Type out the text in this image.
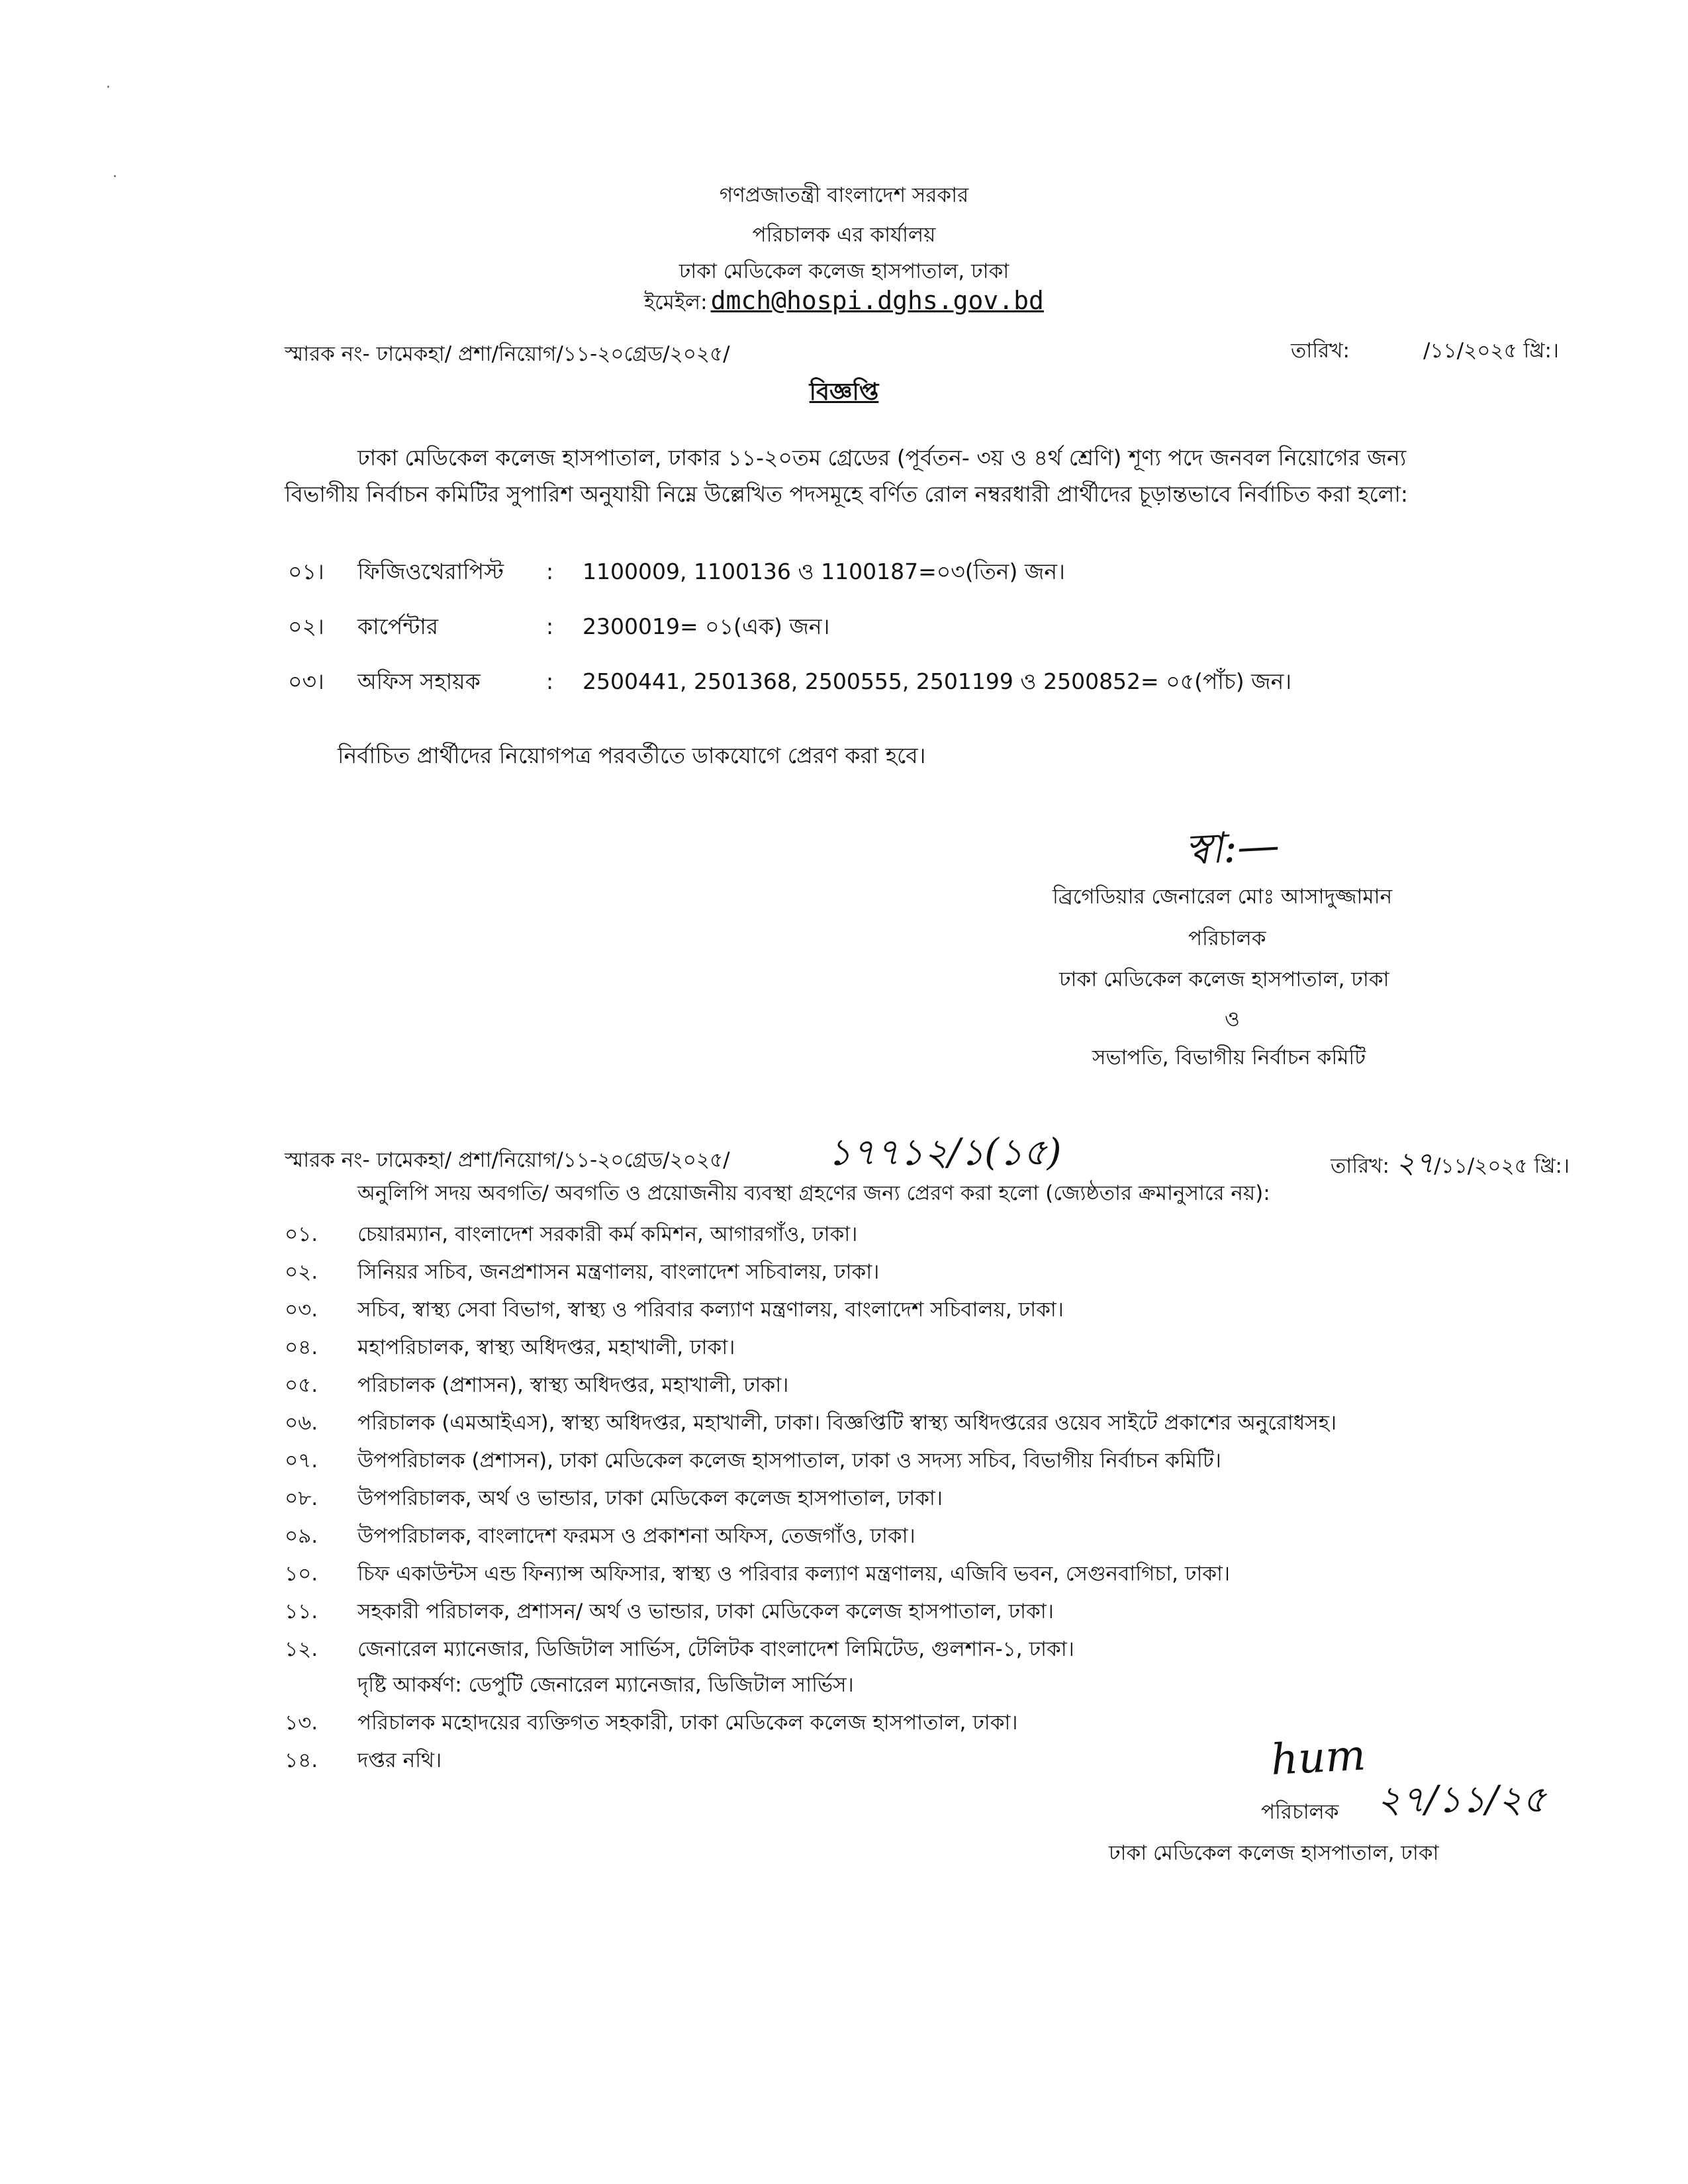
·
·
গণপ্রজাতন্ত্রী বাংলাদেশ সরকার
পরিচালক এর কার্যালয়
ঢাকা মেডিকেল কলেজ হাসপাতাল, ঢাকা
ইমেইল: dmch@hospi.dghs.gov.bd
স্মারক নং- ঢামেকহা/ প্রশা/নিয়োগ/১১-২০গ্রেড/২০২৫/	তারিখ:	/১১/২০২৫ খ্রি:।
বিজ্ঞপ্তি
ঢাকা মেডিকেল কলেজ হাসপাতাল, ঢাকার ১১-২০তম গ্রেডের (পূর্বতন- ৩য় ও ৪র্থ শ্রেণি) শূণ্য পদে জনবল নিয়োগের জন্য
বিভাগীয় নির্বাচন কমিটির সুপারিশ অনুযায়ী নিম্নে উল্লেখিত পদসমূহে বর্ণিত রোল নম্বরধারী প্রার্থীদের চূড়ান্তভাবে নির্বাচিত করা হলো:
০১। ফিজিওথেরাপিস্ট : 1100009, 1100136 ও 1100187=০৩(তিন) জন।
০২। কার্পেন্টার	: 2300019= ০১(এক) জন।
০৩। অফিস সহায়ক	: 2500441, 2501368, 2500555, 2501199 ও 2500852= ০৫(পাঁচ) জন।
নির্বাচিত প্রার্থীদের নিয়োগপত্র পরবর্তীতে ডাকযোগে প্রেরণ করা হবে।
স্বা:—
ব্রিগেডিয়ার জেনারেল মোঃ আসাদুজ্জামান
পরিচালক
ঢাকা মেডিকেল কলেজ হাসপাতাল, ঢাকা
ও
সভাপতি, বিভাগীয় নির্বাচন কমিটি
স্মারক নং- ঢামেকহা/ প্রশা/নিয়োগ/১১-২০গ্রেড/২০২৫/	১৭৭১২/১(১৫)	তারিখ: ২৭/১১/২০২৫ খ্রি:।
অনুলিপি সদয় অবগতি/ অবগতি ও প্রয়োজনীয় ব্যবস্থা গ্রহণের জন্য প্রেরণ করা হলো (জ্যেষ্ঠতার ক্রমানুসারে নয়):
০১.	চেয়ারম্যান, বাংলাদেশ সরকারী কর্ম কমিশন, আগারগাঁও, ঢাকা।
০২.	সিনিয়র সচিব, জনপ্রশাসন মন্ত্রণালয়, বাংলাদেশ সচিবালয়, ঢাকা।
০৩.	সচিব, স্বাস্থ্য সেবা বিভাগ, স্বাস্থ্য ও পরিবার কল্যাণ মন্ত্রণালয়, বাংলাদেশ সচিবালয়, ঢাকা।
০৪.	মহাপরিচালক, স্বাস্থ্য অধিদপ্তর, মহাখালী, ঢাকা।
০৫.	পরিচালক (প্রশাসন), স্বাস্থ্য অধিদপ্তর, মহাখালী, ঢাকা।
০৬.	পরিচালক (এমআইএস), স্বাস্থ্য অধিদপ্তর, মহাখালী, ঢাকা। বিজ্ঞপ্তিটি স্বাস্থ্য অধিদপ্তরের ওয়েব সাইটে প্রকাশের অনুরোধসহ।
০৭.	উপপরিচালক (প্রশাসন), ঢাকা মেডিকেল কলেজ হাসপাতাল, ঢাকা ও সদস্য সচিব, বিভাগীয় নির্বাচন কমিটি।
০৮.	উপপরিচালক, অর্থ ও ভান্ডার, ঢাকা মেডিকেল কলেজ হাসপাতাল, ঢাকা।
০৯.	উপপরিচালক, বাংলাদেশ ফরমস ও প্রকাশনা অফিস, তেজগাঁও, ঢাকা।
১০.	চিফ একাউন্টস এন্ড ফিন্যান্স অফিসার, স্বাস্থ্য ও পরিবার কল্যাণ মন্ত্রণালয়, এজিবি ভবন, সেগুনবাগিচা, ঢাকা।
১১.	সহকারী পরিচালক, প্রশাসন/ অর্থ ও ভান্ডার, ঢাকা মেডিকেল কলেজ হাসপাতাল, ঢাকা।
১২.	জেনারেল ম্যানেজার, ডিজিটাল সার্ভিস, টেলিটক বাংলাদেশ লিমিটেড, গুলশান-১, ঢাকা।
দৃষ্টি আকর্ষণ: ডেপুটি জেনারেল ম্যানেজার, ডিজিটাল সার্ভিস।
১৩.	পরিচালক মহোদয়ের ব্যক্তিগত সহকারী, ঢাকা মেডিকেল কলেজ হাসপাতাল, ঢাকা।
১৪.	দপ্তর নথি।	hum
২৭/১১/২৫
পরিচালক
ঢাকা মেডিকেল কলেজ হাসপাতাল, ঢাকা
